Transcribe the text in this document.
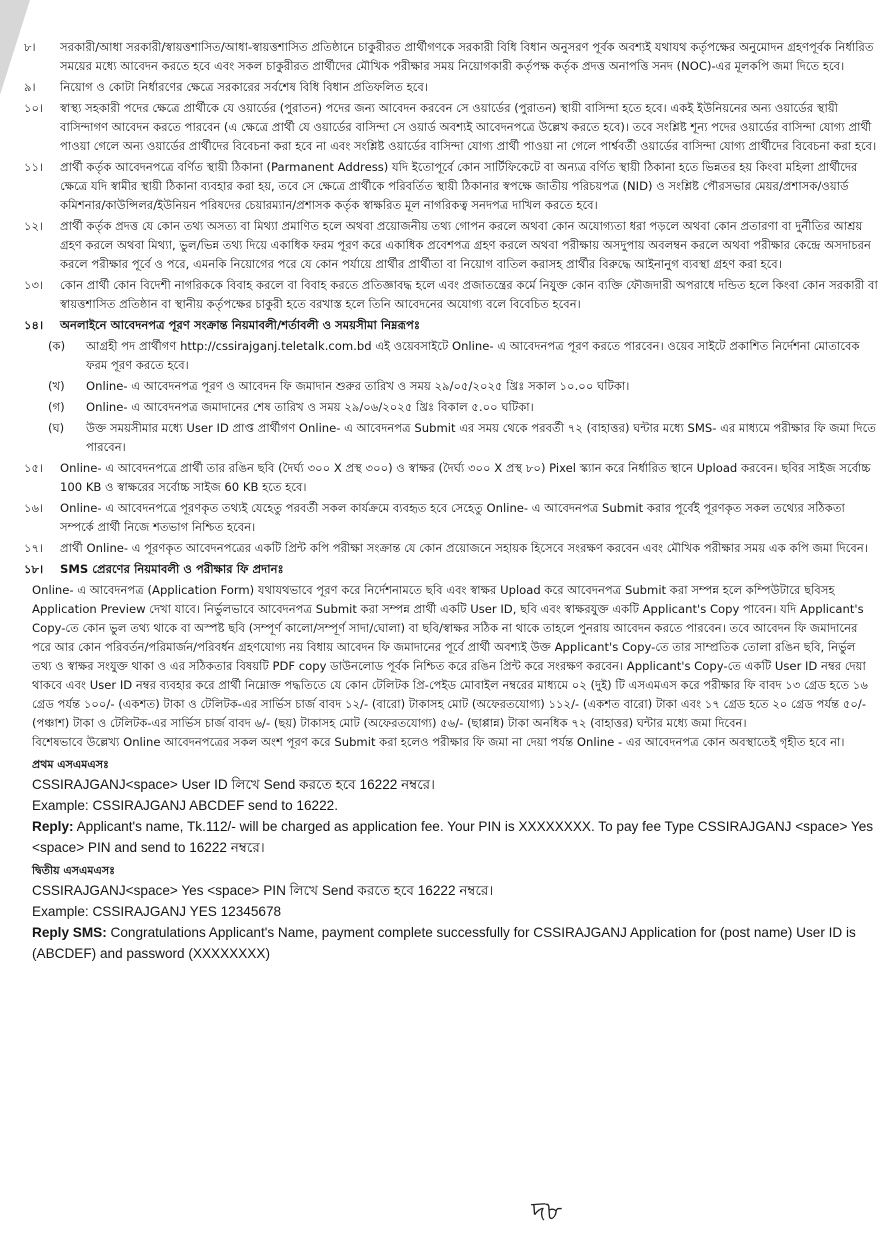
৮। সরকারী/আধা সরকারী/স্বায়ত্তশাসিত/আধা-স্বায়ত্তশাসিত প্রতিষ্ঠানে চাকুরীরত প্রার্থীগণকে সরকারী বিধি বিধান অনুসরণ পূর্বক অবশ্যই যথাযথ কর্তৃপক্ষের অনুমোদন গ্রহণপূর্বক নির্ধারিত সময়ের মধ্যে আবেদন করতে হবে এবং সকল চাকুরীরত প্রার্থীদের মৌখিক পরীক্ষার সময় নিয়োগকারী কর্তৃপক্ষ কর্তৃক প্রদত্ত অনাপত্তি সনদ (NOC)-এর মূলকপি জমা দিতে হবে।
৯। নিয়োগ ও কোটা নির্ধারণের ক্ষেত্রে সরকারের সর্বশেষ বিধি বিধান প্রতিফলিত হবে।
১০। স্বাস্থ্য সহকারী পদের ক্ষেত্রে প্রার্থীকে যে ওয়ার্ডের (পুরাতন) পদের জন্য আবেদন করবেন সে ওয়ার্ডের (পুরাতন) স্থায়ী বাসিন্দা হতে হবে। একই ইউনিয়নের অন্য ওয়ার্ডের স্থায়ী বাসিন্দাগণ আবেদন করতে পারবেন (এ ক্ষেত্রে প্রার্থী যে ওয়ার্ডের বাসিন্দা সে ওয়ার্ড অবশ্যই আবেদনপত্রে উল্লেখ করতে হবে)। তবে সংশ্লিষ্ট শূন্য পদের ওয়ার্ডের বাসিন্দা যোগ্য প্রার্থী পাওয়া গেলে অন্য ওয়ার্ডের প্রার্থীদের বিবেচনা করা হবে না এবং সংশ্লিষ্ট ওয়ার্ডের বাসিন্দা যোগ্য প্রার্থী পাওয়া না গেলে পার্শ্ববর্তী ওয়ার্ডের বাসিন্দা যোগ্য প্রার্থীদের বিবেচনা করা হবে।
১১। প্রার্থী কর্তৃক আবেদনপত্রে বর্ণিত স্থায়ী ঠিকানা (Parmanent Address) যদি ইতোপূর্বে কোন সার্টিফিকেটে বা অন্যত্র বর্ণিত স্থায়ী ঠিকানা হতে ভিন্নতর হয় কিংবা মহিলা প্রার্থীদের ক্ষেত্রে যদি স্বামীর স্থায়ী ঠিকানা ব্যবহার করা হয়, তবে সে ক্ষেত্রে প্রার্থীকে পরিবর্তিত স্থায়ী ঠিকানার স্বপক্ষে জাতীয় পরিচয়পত্র (NID) ও সংশ্লিষ্ট পৌরসভার মেয়র/প্রশাসক/ওয়ার্ড কমিশনার/কাউন্সিলর/ইউনিয়ন পরিষদের চেয়ারম্যান/প্রশাসক কর্তৃক স্বাক্ষরিত মূল নাগরিকত্ব সনদপত্র দাখিল করতে হবে।
১২। প্রার্থী কর্তৃক প্রদত্ত যে কোন তথ্য অসত্য বা মিথ্যা প্রমাণিত হলে অথবা প্রয়োজনীয় তথ্য গোপন করলে অথবা কোন অযোগ্যতা ধরা পড়লে অথবা কোন প্রতারণা বা দুর্নীতির আশ্রয় গ্রহণ করলে অথবা মিথ্যা, ভুল/ভিন্ন তথ্য দিয়ে একাধিক ফরম পূরণ করে একাধিক প্রবেশপত্র গ্রহণ করলে অথবা পরীক্ষায় অসদুপায় অবলম্বন করলে অথবা পরীক্ষার কেন্দ্রে অসদাচরন করলে পরীক্ষার পূর্বে ও পরে, এমনকি নিয়োগের পরে যে কোন পর্যায়ে প্রার্থীর প্রার্থীতা বা নিয়োগ বাতিল করাসহ প্রার্থীর বিরুদ্ধে আইনানুগ ব্যবস্থা গ্রহণ করা হবে।
১৩। কোন প্রার্থী কোন বিদেশী নাগরিককে বিবাহ করলে বা বিবাহ করতে প্রতিজ্ঞাবদ্ধ হলে এবং প্রজাতন্ত্রের কর্মে নিযুক্ত কোন ব্যক্তি ফৌজদারী অপরাধে দন্ডিত হলে কিংবা কোন সরকারী বা স্বায়ত্তশাসিত প্রতিষ্ঠান বা স্থানীয় কর্তৃপক্ষের চাকুরী হতে বরখাস্ত হলে তিনি আবেদনের অযোগ্য বলে বিবেচিত হবেন।
১৪। অনলাইনে আবেদনপত্র পূরণ সংক্রান্ত নিয়মাবলী/শর্তাবলী ও সময়সীমা নিম্নরূপঃ
(ক) আগ্রহী পদ প্রার্থীগণ http://cssirajganj.teletalk.com.bd এই ওয়েবসাইটে Online- এ আবেদনপত্র পূরণ করতে পারবেন। ওয়েব সাইটে প্রকাশিত নির্দেশনা মোতাবেক ফরম পূরণ করতে হবে।
(খ) Online- এ আবেদনপত্র পূরণ ও আবেদন ফি জমাদান শুরুর তারিখ ও সময় ২৯/০৫/২০২৫ খ্রিঃ সকাল ১০.০০ ঘটিকা।
(গ) Online- এ আবেদনপত্র জমাদানের শেষ তারিখ ও সময় ২৯/০৬/২০২৫ খ্রিঃ বিকাল ৫.০০ ঘটিকা।
(ঘ) উক্ত সময়সীমার মধ্যে User ID প্রাপ্ত প্রার্থীগণ Online- এ আবেদনপত্র Submit এর সময় থেকে পরবর্তী ৭২ (বাহাত্তর) ঘন্টার মধ্যে SMS- এর মাধ্যমে পরীক্ষার ফি জমা দিতে পারবেন।
১৫। Online- এ আবেদনপত্রে প্রার্থী তার রঙিন ছবি (দৈর্ঘ্য ৩০০ X প্রস্থ ৩০০) ও স্বাক্ষর (দৈর্ঘ্য ৩০০ X প্রস্থ ৮০) Pixel স্ক্যান করে নির্ধারিত স্থানে Upload করবেন। ছবির সাইজ সর্বোচ্চ 100 KB ও স্বাক্ষরের সর্বোচ্চ সাইজ 60 KB হতে হবে।
১৬। Online- এ আবেদনপত্রে পূরণকৃত তথ্যই যেহেতু পরবর্তী সকল কার্যক্রমে ব্যবহৃত হবে সেহেতু Online- এ আবেদনপত্র Submit করার পূর্বেই পূরণকৃত সকল তথ্যের সঠিকতা সম্পর্কে প্রার্থী নিজে শতভাগ নিশ্চিত হবেন।
১৭। প্রার্থী Online- এ পূরণকৃত আবেদনপত্রের একটি প্রিন্ট কপি পরীক্ষা সংক্রান্ত যে কোন প্রয়োজনে সহায়ক হিসেবে সংরক্ষণ করবেন এবং মৌখিক পরীক্ষার সময় এক কপি জমা দিবেন।
১৮। SMS প্রেরণের নিয়মাবলী ও পরীক্ষার ফি প্রদানঃ
Online- এ আবেদনপত্র (Application Form) যথাযথভাবে পূরণ করে নির্দেশনামতে ছবি এবং স্বাক্ষর Upload করে আবেদনপত্র Submit করা সম্পন্ন হলে কম্পিউটারে ছবিসহ Application Preview দেখা যাবে। নির্ভুলভাবে আবেদনপত্র Submit করা সম্পন্ন প্রার্থী একটি User ID, ছবি এবং স্বাক্ষরযুক্ত একটি Applicant's Copy পাবেন। যদি Applicant's Copy-তে কোন ভুল তথ্য থাকে বা অস্পষ্ট ছবি (সম্পূর্ণ কালো/সম্পূর্ণ সাদা/ঘোলা) বা ছবি/স্বাক্ষর সঠিক না থাকে তাহলে পুনরায় আবেদন করতে পারবেন। তবে আবেদন ফি জমাদানের পরে আর কোন পরিবর্তন/পরিমার্জন/পরিবর্ধন গ্রহণযোগ্য নয় বিধায় আবেদন ফি জমাদানের পূর্বে প্রার্থী অবশ্যই উক্ত Applicant's Copy-তে তার সাম্প্রতিক তোলা রঙিন ছবি, নির্ভুল তথ্য ও স্বাক্ষর সংযুক্ত থাকা ও এর সঠিকতার বিষয়টি PDF copy ডাউনলোড পূর্বক নিশ্চিত করে রঙিন প্রিন্ট করে সংরক্ষণ করবেন। Applicant's Copy-তে একটি User ID নম্বর দেয়া থাকবে এবং User ID নম্বর ব্যবহার করে প্রার্থী নিম্নোক্ত পদ্ধতিতে যে কোন টেলিটক প্রি-পেইড মোবাইল নম্বরের মাধ্যমে ০২ (দুই) টি এসএমএস করে পরীক্ষার ফি বাবদ ১৩ গ্রেড হতে ১৬ গ্রেড পর্যন্ত ১০০/- (একশত) টাকা ও টেলিটক-এর সার্ভিস চার্জ বাবদ ১২/- (বারো) টাকাসহ মোট (অফেরতযোগ্য) ১১২/- (একশত বারো) টাকা এবং ১৭ গ্রেড হতে ২০ গ্রেড পর্যন্ত ৫০/- (পঞ্চাশ) টাকা ও টেলিটক-এর সার্ভিস চার্জ বাবদ ৬/- (ছয়) টাকাসহ মোট (অফেরতযোগ্য) ৫৬/- (ছাপ্পান্ন) টাকা অনধিক ৭২ (বাহাত্তর) ঘন্টার মধ্যে জমা দিবেন।
বিশেষভাবে উল্লেখ্য Online আবেদনপত্রের সকল অংশ পূরণ করে Submit করা হলেও পরীক্ষার ফি জমা না দেয়া পর্যন্ত Online - এর আবেদনপত্র কোন অবস্থাতেই গৃহীত হবে না।
প্রথম এসএমএসঃ
CSSIRAJGANJ<space> User ID লিখে Send করতে হবে 16222 নম্বরে।
Example: CSSIRAJGANJ ABCDEF send to 16222.
Reply: Applicant's name, Tk.112/- will be charged as application fee. Your PIN is XXXXXXXX. To pay fee Type CSSIRAJGANJ <space> Yes <space> PIN and send to 16222 নম্বরে।
দ্বিতীয় এসএমএসঃ
CSSIRAJGANJ<space> Yes <space> PIN লিখে Send করতে হবে 16222 নম্বরে।
Example: CSSIRAJGANJ YES 12345678
Reply SMS: Congratulations Applicant's Name, payment complete successfully for CSSIRAJGANJ Application for (post name) User ID is (ABCDEF) and password (XXXXXXXX)
দ৮
